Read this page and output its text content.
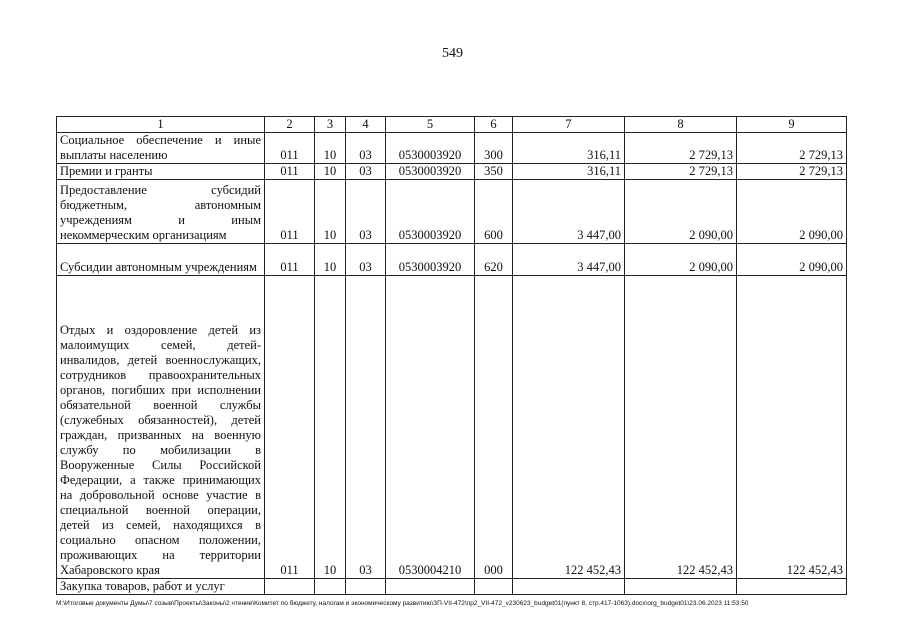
549
1	2	3	4	5	6	7	8	9
Социальное обеспечение и иные выплаты населению	011	10	03	0530003920	300	316,11	2 729,13	2 729,13
Премии и гранты	011	10	03	0530003920	350	316,11	2 729,13	2 729,13
Предоставление субсидий бюджетным, автономным учреждениям и иным некоммерческим организациям	011	10	03	0530003920	600	3 447,00	2 090,00	2 090,00
Субсидии автономным учреждениям	011	10	03	0530003920	620	3 447,00	2 090,00	2 090,00
Отдых и оздоровление детей из малоимущих семей, детей-инвалидов, детей военнослужащих, сотрудников правоохранительных органов, погибших при исполнении обязательной военной службы (служебных обязанностей), детей граждан, призванных на военную службу по мобилизации в Вооруженные Силы Российской Федерации, а также принимающих на добровольной основе участие в специальной военной операции, детей из семей, находящихся в социально опасном положении, проживающих на территории Хабаровского края	011	10	03	0530004210	000	122 452,43	122 452,43	122 452,43
Закупка товаров, работ и услуг								
M:\Итоговые документы Думы\7 созыв\Проекты\Законы\2 чтение\Комитет по бюджету, налогам и экономическому развитию\ЗП-VII-472\пр2_VII-472_v230623_budget01(пункт 8, стр.417-1063).docx\org_budget01\23.06.2023 11:53:50
